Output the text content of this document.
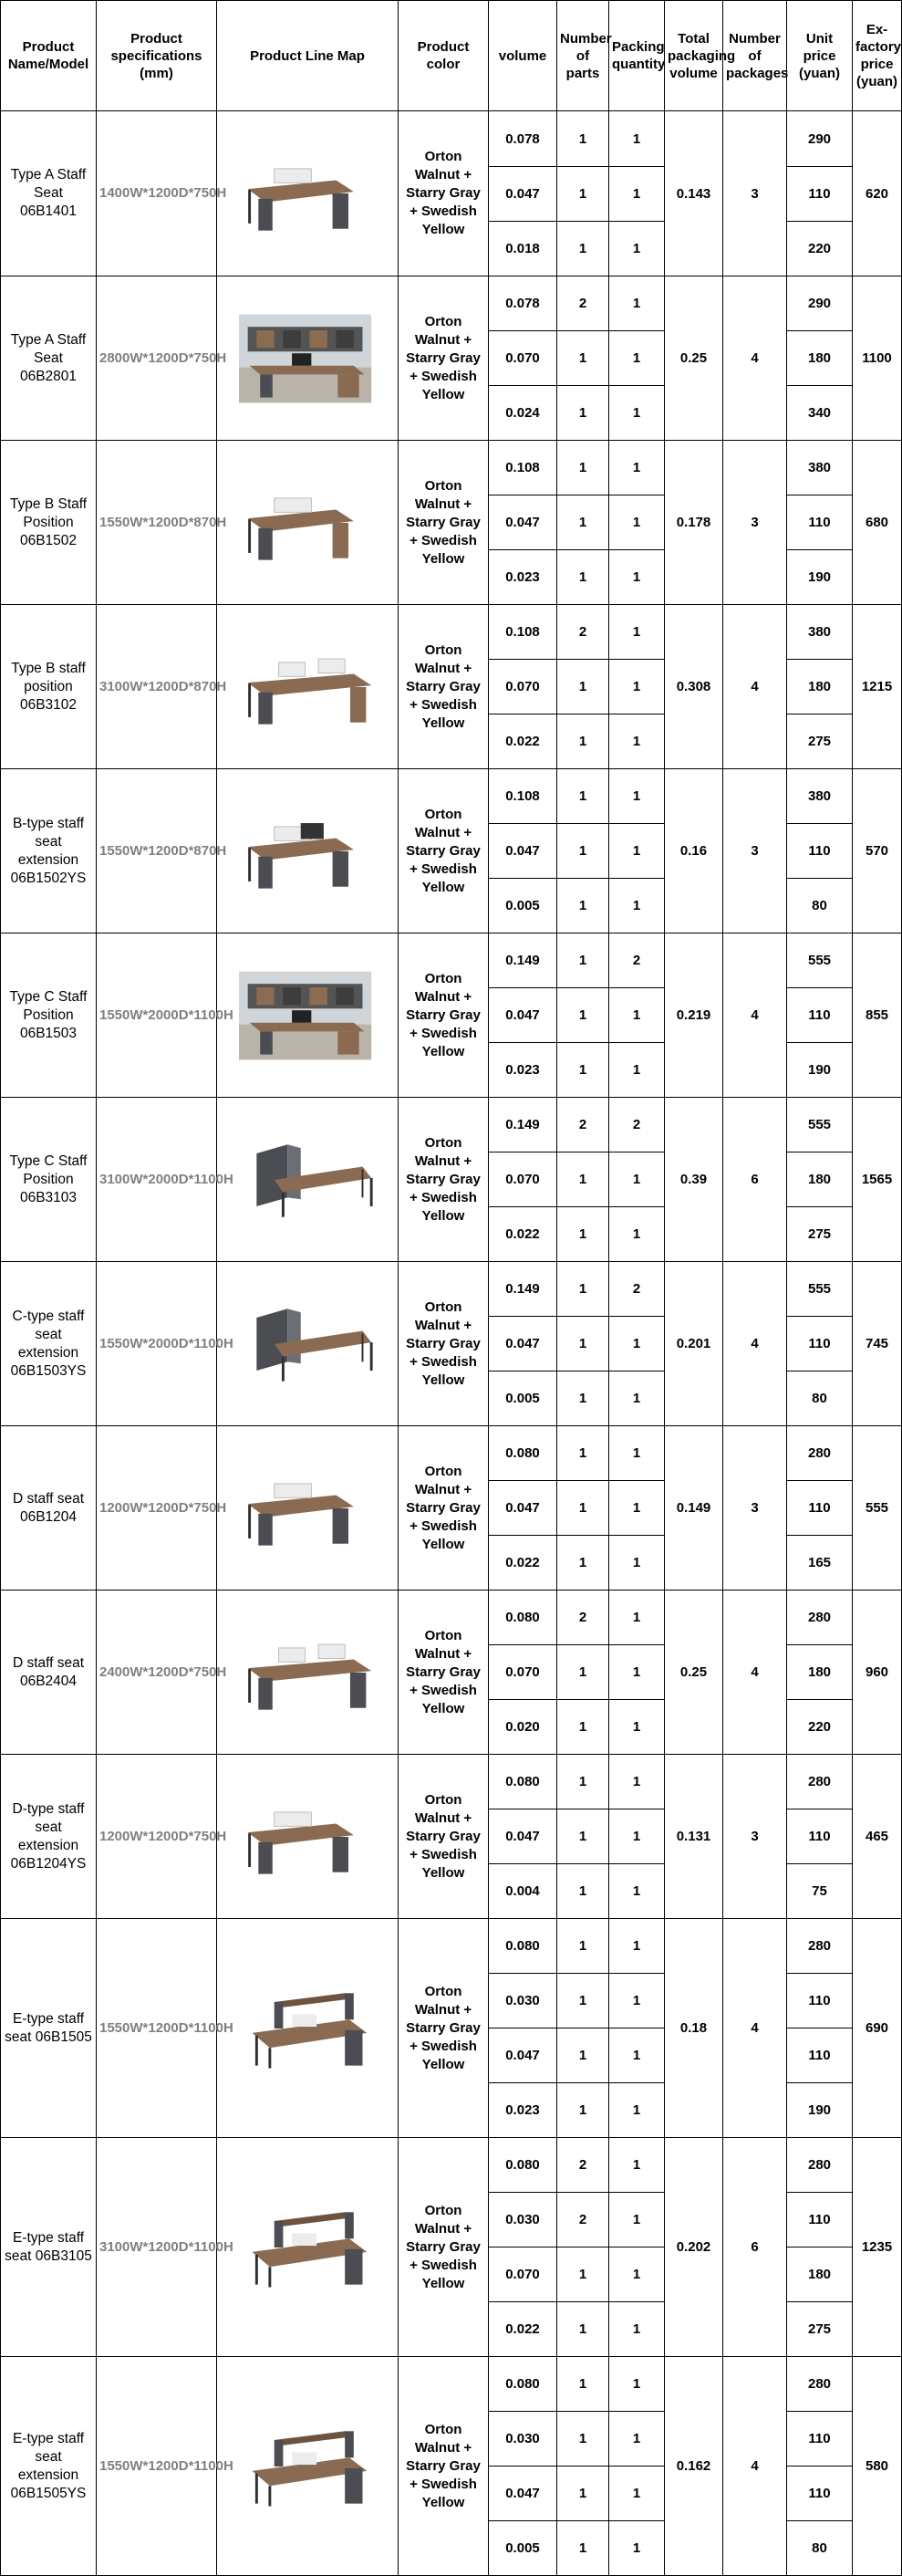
Product Name/Model	Product specifications (mm)	Product Line Map	Product color	volume	Number of parts	Packing quantity	Total packaging volume	Number of packages	Unit price (yuan)	Ex-factory price (yuan)
Type A Staff Seat 06B1401	1400W*1200D*750H		Orton Walnut + Starry Gray + Swedish Yellow	0.078	1	1	0.143	3	290	620
				0.047	1	1			110	
				0.018	1	1			220	
Type A Staff Seat 06B2801	2800W*1200D*750H		Orton Walnut + Starry Gray + Swedish Yellow	0.078	2	1	0.25	4	290	1100
				0.070	1	1			180	
				0.024	1	1			340	
Type B Staff Position 06B1502	1550W*1200D*870H		Orton Walnut + Starry Gray + Swedish Yellow	0.108	1	1	0.178	3	380	680
				0.047	1	1			110	
				0.023	1	1			190	
Type B staff position 06B3102	3100W*1200D*870H		Orton Walnut + Starry Gray + Swedish Yellow	0.108	2	1	0.308	4	380	1215
				0.070	1	1			180	
				0.022	1	1			275	
B-type staff seat extension 06B1502YS	1550W*1200D*870H		Orton Walnut + Starry Gray + Swedish Yellow	0.108	1	1	0.16	3	380	570
				0.047	1	1			110	
				0.005	1	1			80	
Type C Staff Position 06B1503	1550W*2000D*1100H		Orton Walnut + Starry Gray + Swedish Yellow	0.149	1	2	0.219	4	555	855
				0.047	1	1			110	
				0.023	1	1			190	
Type C Staff Position 06B3103	3100W*2000D*1100H		Orton Walnut + Starry Gray + Swedish Yellow	0.149	2	2	0.39	6	555	1565
				0.070	1	1			180	
				0.022	1	1			275	
C-type staff seat extension 06B1503YS	1550W*2000D*1100H		Orton Walnut + Starry Gray + Swedish Yellow	0.149	1	2	0.201	4	555	745
				0.047	1	1			110	
				0.005	1	1			80	
D staff seat 06B1204	1200W*1200D*750H		Orton Walnut + Starry Gray + Swedish Yellow	0.080	1	1	0.149	3	280	555
				0.047	1	1			110	
				0.022	1	1			165	
D staff seat 06B2404	2400W*1200D*750H		Orton Walnut + Starry Gray + Swedish Yellow	0.080	2	1	0.25	4	280	960
				0.070	1	1			180	
				0.020	1	1			220	
D-type staff seat extension 06B1204YS	1200W*1200D*750H		Orton Walnut + Starry Gray + Swedish Yellow	0.080	1	1	0.131	3	280	465
				0.047	1	1			110	
				0.004	1	1			75	
E-type staff seat 06B1505	1550W*1200D*1100H		Orton Walnut + Starry Gray + Swedish Yellow	0.080	1	1	0.18	4	280	690
				0.030	1	1			110	
				0.047	1	1			110	
				0.023	1	1			190	
E-type staff seat 06B3105	3100W*1200D*1100H		Orton Walnut + Starry Gray + Swedish Yellow	0.080	2	1	0.202	6	280	1235
				0.030	2	1			110	
				0.070	1	1			180	
				0.022	1	1			275	
E-type staff seat extension 06B1505YS	1550W*1200D*1100H		Orton Walnut + Starry Gray + Swedish Yellow	0.080	1	1	0.162	4	280	580
				0.030	1	1			110	
				0.047	1	1			110	
				0.005	1	1			80	
